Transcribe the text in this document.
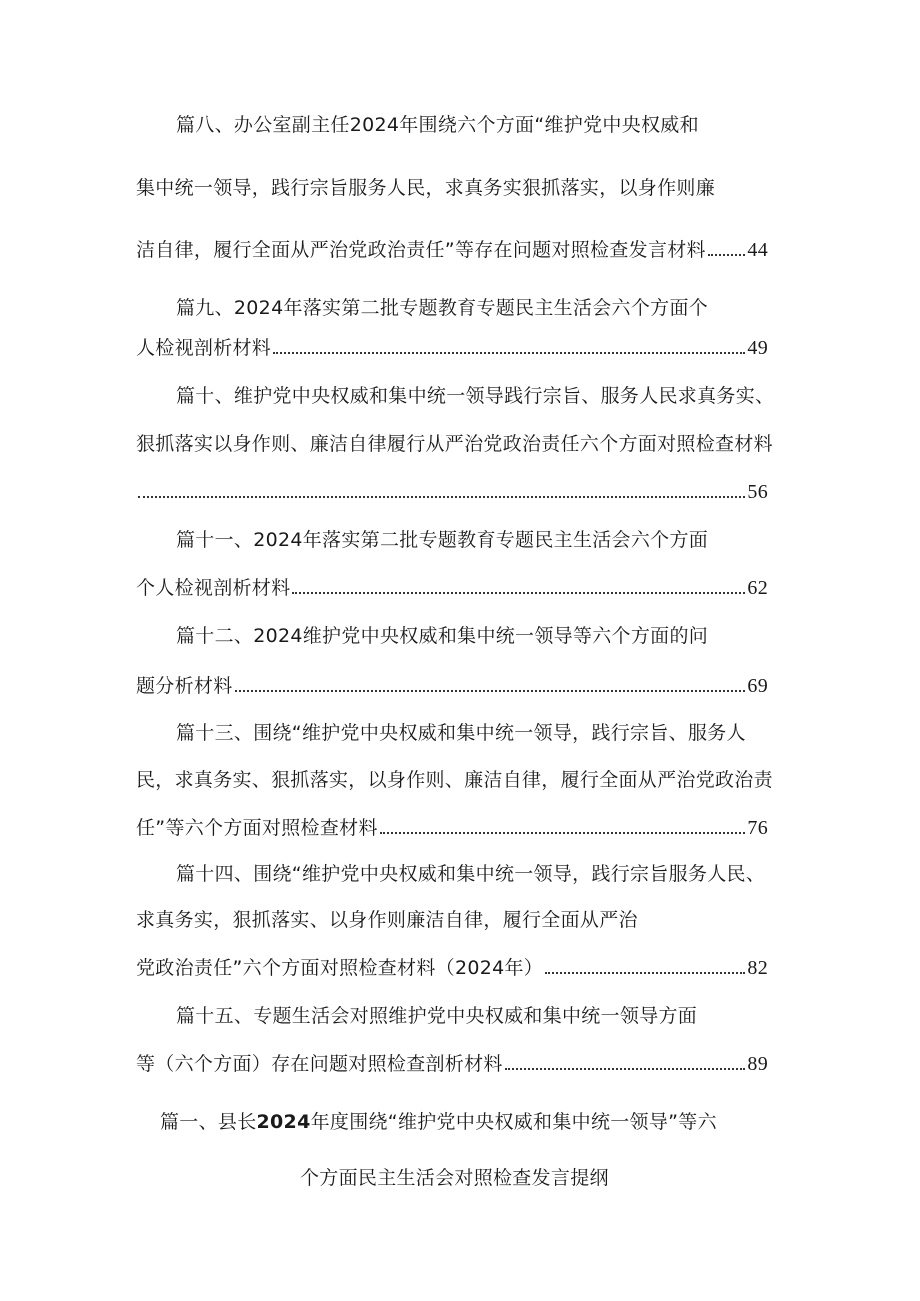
篇八、办公室副主任2024年围绕六个方面“维护党中央权威和
集中统一领导，践行宗旨服务人民，求真务实狠抓落实，以身作则廉
洁自律，履行全面从严治党政治责任”等存在问题对照检查发言材料 44
篇九、2024年落实第二批专题教育专题民主生活会六个方面个
人检视剖析材料	49
篇十、维护党中央权威和集中统一领导践行宗旨、服务人民求真务实、
狠抓落实以身作则、廉洁自律履行从严治党政治责任六个方面对照检查材料
56
篇十一、2024年落实第二批专题教育专题民主生活会六个方面
个人检视剖析材料	62
篇十二、2024维护党中央权威和集中统一领导等六个方面的问
题分析材料	69
篇十三、围绕“维护党中央权威和集中统一领导，践行宗旨、服务人
民，求真务实、狠抓落实，以身作则、廉洁自律，履行全面从严治党政治责
任”等六个方面对照检查材料	76
篇十四、围绕“维护党中央权威和集中统一领导，践行宗旨服务人民、
求真务实，狠抓落实、以身作则廉洁自律，履行全面从严治
党政治责任”六个方面对照检查材料（2024年）	82
篇十五、专题生活会对照维护党中央权威和集中统一领导方面
等（六个方面）存在问题对照检查剖析材料	89
篇一、县长2024年度围绕“维护党中央权威和集中统一领导”等六
个方面民主生活会对照检查发言提纲
